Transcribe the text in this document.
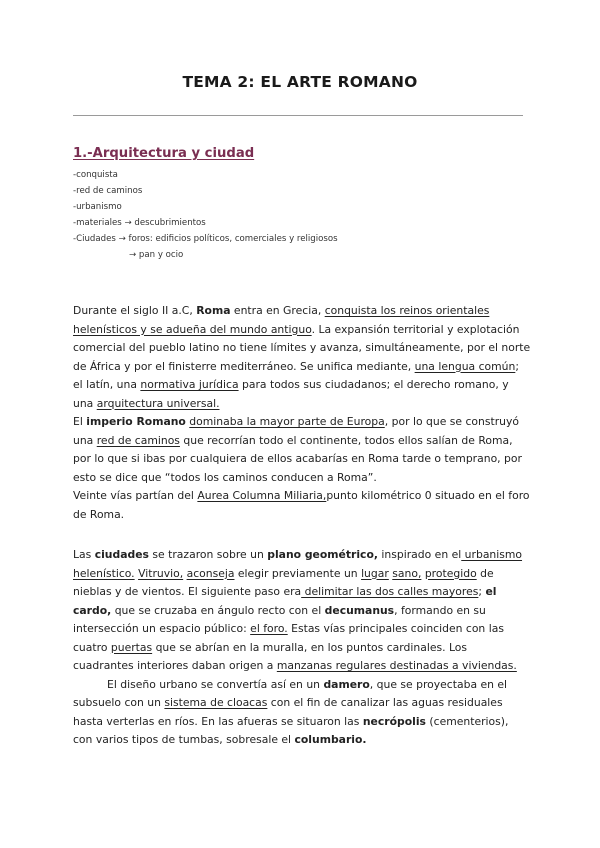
TEMA 2: EL ARTE ROMANO
1.-Arquitectura y ciudad
-conquista
-red de caminos
-urbanismo
-materiales → descubrimientos
-Ciudades → foros: edificios políticos, comerciales y religiosos
→ pan y ocio

Durante el siglo II a.C, Roma entra en Grecia, conquista los reinos orientales helenísticos y se adueña del mundo antiguo. La expansión territorial y explotación comercial del pueblo latino no tiene límites y avanza, simultáneamente, por el norte de África y por el finisterre mediterráneo. Se unifica mediante, una lengua común; el latín, una normativa jurídica para todos sus ciudadanos; el derecho romano, y una arquitectura universal.

El imperio Romano dominaba la mayor parte de Europa, por lo que se construyó una red de caminos que recorrían todo el continente, todos ellos salían de Roma, por lo que si ibas por cualquiera de ellos acabarías en Roma tarde o temprano, por esto se dice que “todos los caminos conducen a Roma”.

Veinte vías partían del Aurea Columna Miliaria,punto kilométrico 0 situado en el foro de Roma.

Las ciudades se trazaron sobre un plano geométrico, inspirado en el urbanismo helenístico. Vitruvio, aconseja elegir previamente un lugar sano, protegido de nieblas y de vientos. El siguiente paso era delimitar las dos calles mayores; el cardo, que se cruzaba en ángulo recto con el decumanus, formando en su intersección un espacio público: el foro. Estas vías principales coinciden con las cuatro puertas que se abrían en la muralla, en los puntos cardinales. Los cuadrantes interiores daban origen a manzanas regulares destinadas a viviendas.

El diseño urbano se convertía así en un damero, que se proyectaba en el subsuelo con un sistema de cloacas con el fin de canalizar las aguas residuales hasta verterlas en ríos. En las afueras se situaron las necrópolis (cementerios), con varios tipos de tumbas, sobresale el columbario.
